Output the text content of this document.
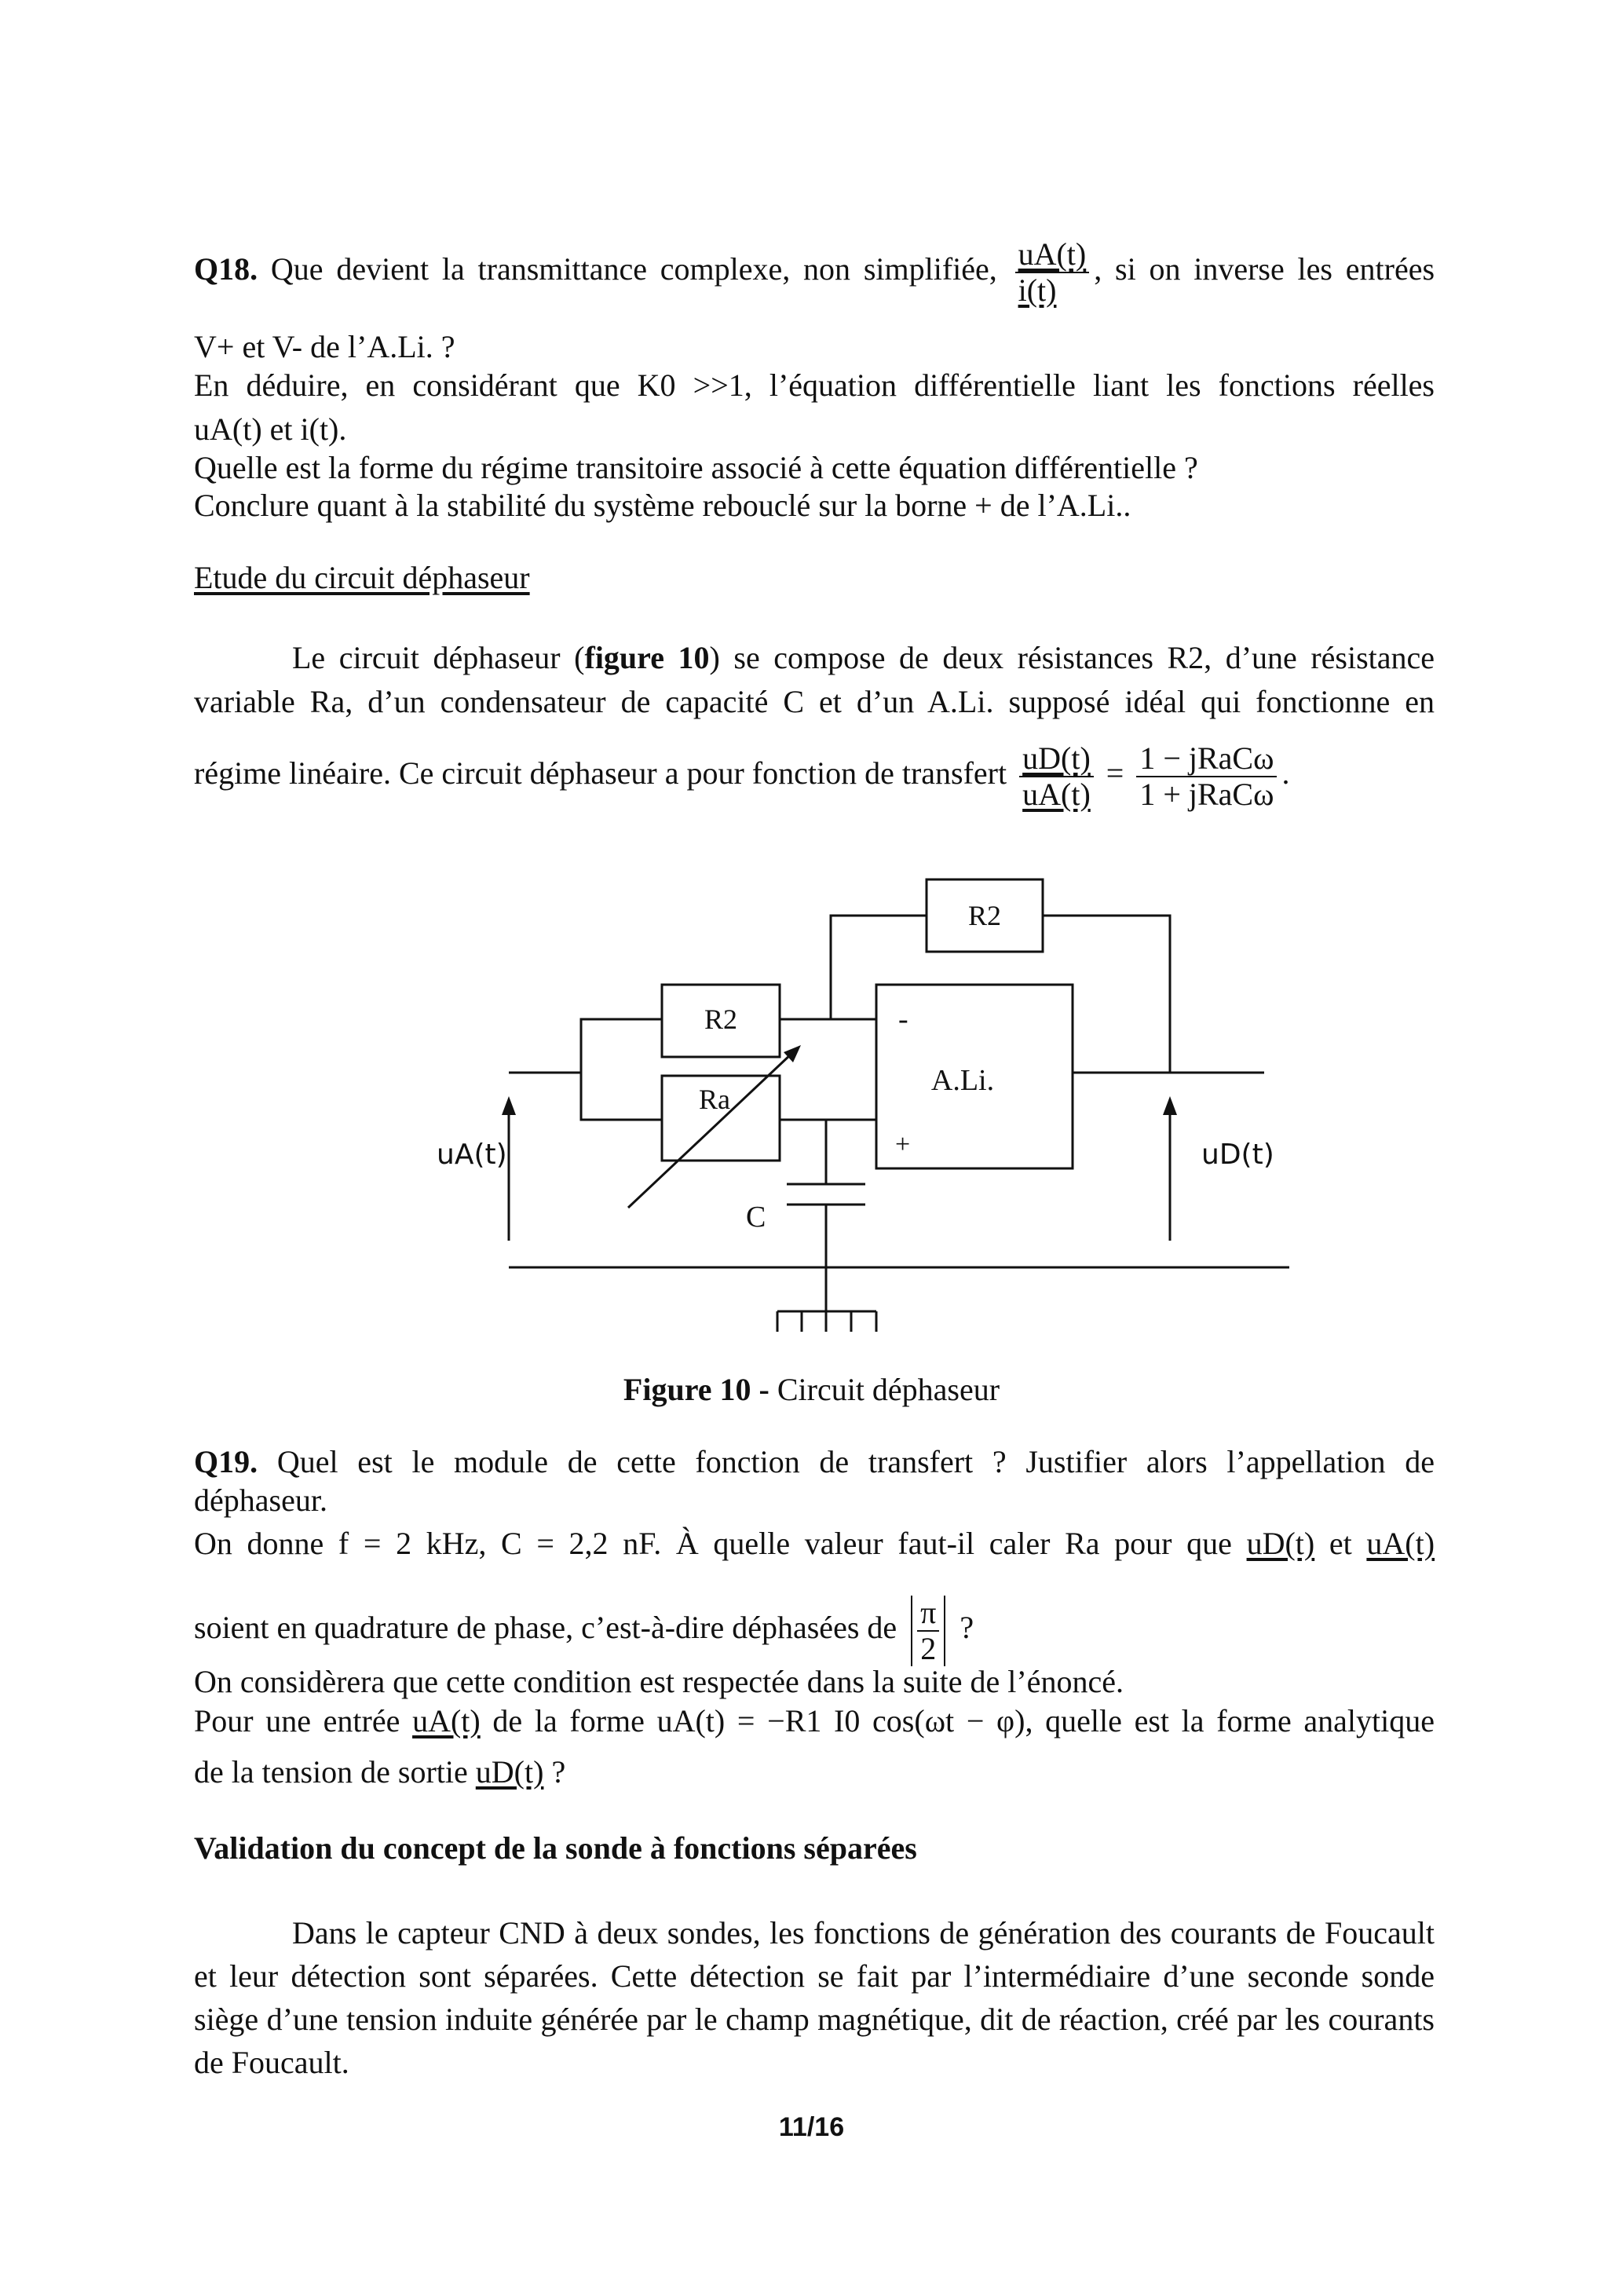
Q18. Que devient la transmittance complexe, non simplifiée, $\frac{uA(t)}{i(t)}$ , si on inverse les entrées
V+ et V- de l’A.Li. ?
En déduire, en considérant que K0 >>1, l’équation différentielle liant les fonctions réelles
uA(t) et i(t).
Quelle est la forme du régime transitoire associé à cette équation différentielle ?
Conclure quant à la stabilité du système rebouclé sur la borne + de l’A.Li..
Etude du circuit déphaseur
Le circuit déphaseur (figure 10) se compose de deux résistances R2, d’une résistance
variable Ra, d’un condensateur de capacité C et d’un A.Li. supposé idéal qui fonctionne en
régime linéaire. Ce circuit déphaseur a pour fonction de transfert $\frac{uD(t)}{uA(t)} = \frac{\text{1 − jRaCω}}{\text{1 + jRaCω}}$ .
R2
R2
Ra
A.Li.
-
+
C
uA(t)	uD(t)
Figure 10 - Circuit déphaseur
Q19. Quel est le module de cette fonction de transfert ? Justifier alors l’appellation de
déphaseur.
On donne f = 2 kHz, C = 2,2 nF. À quelle valeur faut-il caler Ra pour que uD(t) et uA(t)
soient en quadrature de phase, c’est-à-dire déphasées de $\frac{\pi}{2}$ ?
On considèrera que cette condition est respectée dans la suite de l’énoncé.
Pour une entrée uA(t) de la forme uA(t) = −R1 I0 cos(ωt − φ), quelle est la forme analytique
de la tension de sortie uD(t) ?
Validation du concept de la sonde à fonctions séparées
Dans le capteur CND à deux sondes, les fonctions de génération des courants de Foucault et leur détection sont séparées. Cette détection se fait par l’intermédiaire d’une seconde sonde siège d’une tension induite générée par le champ magnétique, dit de réaction, créé par les courants de Foucault.
11/16
